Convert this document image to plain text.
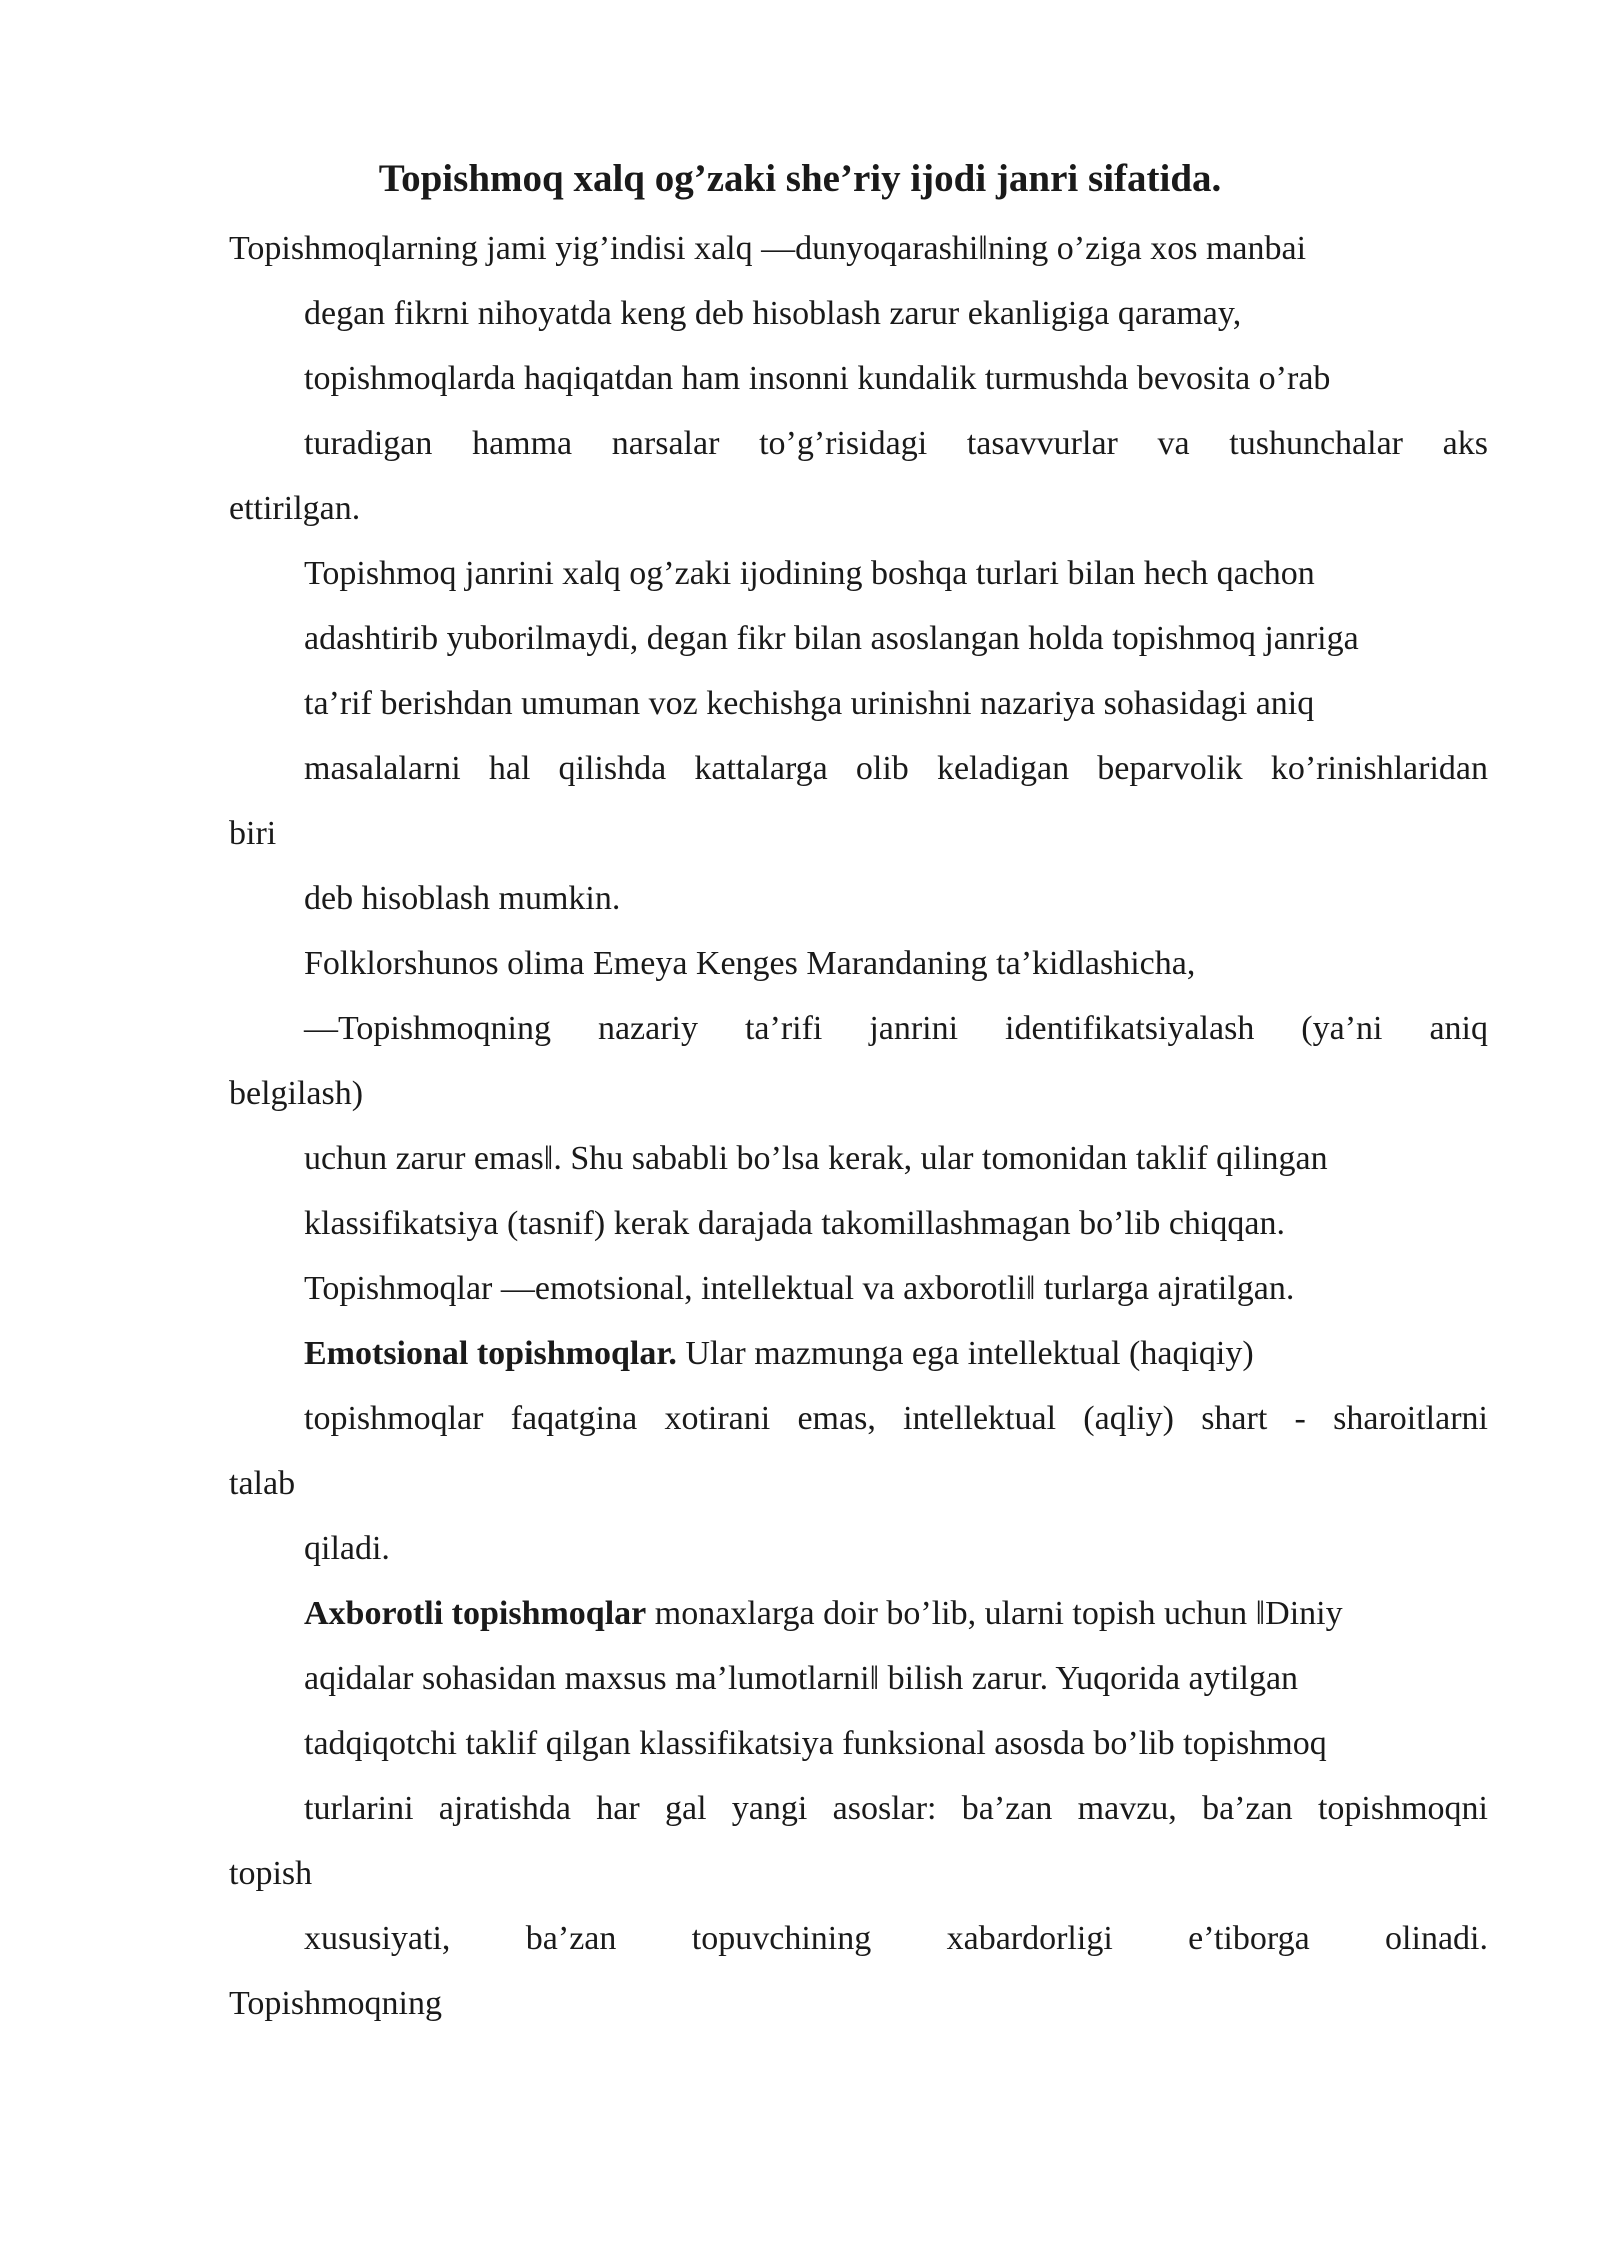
Topishmoq xalq og’zaki she’riy ijodi janri sifatida.
Topishmoqlarning jami yig’indisi xalq ―dunyoqarashi‖ning o’ziga xos manbai
degan fikrni nihoyatda keng deb hisoblash zarur ekanligiga qaramay,
topishmoqlarda haqiqatdan ham insonni kundalik turmushda bevosita o’rab
turadigan hamma narsalar to’g’risidagi tasavvurlar va tushunchalar aks
ettirilgan.
Topishmoq janrini xalq og’zaki ijodining boshqa turlari bilan hech qachon
adashtirib yuborilmaydi, degan fikr bilan asoslangan holda topishmoq janriga
ta’rif berishdan umuman voz kechishga urinishni nazariya sohasidagi aniq
masalalarni hal qilishda kattalarga olib keladigan beparvolik ko’rinishlaridan
biri
deb hisoblash mumkin.
Folklorshunos olima Emeya Kenges Marandaning ta’kidlashicha,
―Topishmoqning nazariy ta’rifi janrini identifikatsiyalash (ya’ni aniq
belgilash)
uchun zarur emas‖. Shu sababli bo’lsa kerak, ular tomonidan taklif qilingan
klassifikatsiya (tasnif) kerak darajada takomillashmagan bo’lib chiqqan.
Topishmoqlar ―emotsional, intellektual va axborotli‖ turlarga ajratilgan.
Emotsional topishmoqlar. Ular mazmunga ega intellektual (haqiqiy)
topishmoqlar faqatgina xotirani emas, intellektual (aqliy) shart - sharoitlarni
talab
qiladi.
Axborotli topishmoqlar monaxlarga doir bo’lib, ularni topish uchun ‖Diniy
aqidalar sohasidan maxsus ma’lumotlarni‖ bilish zarur. Yuqorida aytilgan
tadqiqotchi taklif qilgan klassifikatsiya funksional asosda bo’lib topishmoq
turlarini ajratishda har gal yangi asoslar: ba’zan mavzu, ba’zan topishmoqni
topish
xususiyati, ba’zan topuvchining xabardorligi e’tiborga olinadi.
Topishmoqning
